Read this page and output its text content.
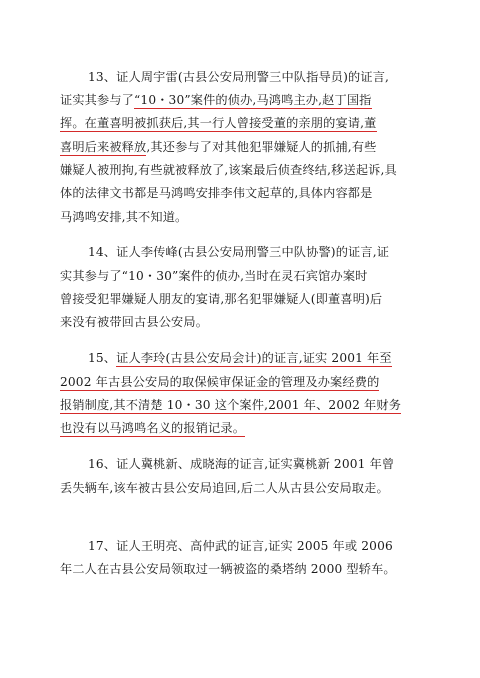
13、证人周宇雷(古县公安局刑警三中队指导员)的证言,
证实其参与了“10・30”案件的侦办,马鸿鸣主办,赵丁国指
挥。在董喜明被抓获后,其一行人曾接受董的亲朋的宴请,董
喜明后来被释放,其还参与了对其他犯罪嫌疑人的抓捕,有些
嫌疑人被刑拘,有些就被释放了,该案最后侦查终结,移送起诉,具
体的法律文书都是马鸿鸣安排李伟文起草的,具体内容都是
马鸿鸣安排,其不知道。
14、证人李传峰(古县公安局刑警三中队协警)的证言,证
实其参与了“10・30”案件的侦办,当时在灵石宾馆办案时
曾接受犯罪嫌疑人朋友的宴请,那名犯罪嫌疑人(即董喜明)后
来没有被带回古县公安局。
15、证人李玲(古县公安局会计)的证言,证实 2001 年至
2002 年古县公安局的取保候审保证金的管理及办案经费的
报销制度,其不清楚 10・30 这个案件,2001 年、2002 年财务
也没有以马鸿鸣名义的报销记录。
16、证人冀桃新、成晓海的证言,证实冀桃新 2001 年曾
丢失辆车,该车被古县公安局追回,后二人从古县公安局取走。
17、证人王明亮、高仲武的证言,证实 2005 年或 2006
年二人在古县公安局领取过一辆被盗的桑塔纳 2000 型轿车。
